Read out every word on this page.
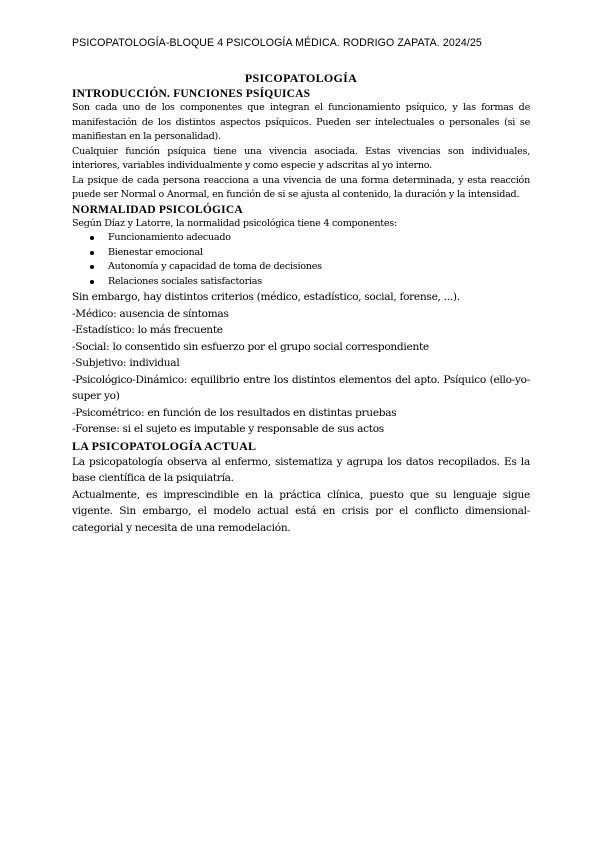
PSICOPATOLOGÍA-BLOQUE 4 PSICOLOGÍA MÉDICA. RODRIGO ZAPATA. 2024/25
PSICOPATOLOGÍA
INTRODUCCIÓN. FUNCIONES PSÍQUICAS

Son cada uno de los componentes que integran el funcionamiento psíquico, y las formas de manifestación de los distintos aspectos psíquicos. Pueden ser intelectuales o personales (si se manifiestan en la personalidad).

Cualquier función psíquica tiene una vivencia asociada. Estas vivencias son individuales, interiores, variables individualmente y como especie y adscritas al yo interno.

La psique de cada persona reacciona a una vivencia de una forma determinada, y esta reacción puede ser Normal o Anormal, en función de si se ajusta al contenido, la duración y la intensidad.

NORMALIDAD PSICOLÓGICA

Según Díaz y Latorre, la normalidad psicológica tiene 4 componentes:

Funcionamiento adecuado
Bienestar emocional
Autonomía y capacidad de toma de decisiones
Relaciones sociales satisfactorias

Sin embargo, hay distintos criterios (médico, estadístico, social, forense, ...).

-Médico: ausencia de síntomas

-Estadístico: lo más frecuente

-Social: lo consentido sin esfuerzo por el grupo social correspondiente

-Subjetivo: individual

-Psicológico-Dinámico: equilibrio entre los distintos elementos del apto. Psíquico (ello-yo-super yo)

-Psicométrico: en función de los resultados en distintas pruebas

-Forense: si el sujeto es imputable y responsable de sus actos

LA PSICOPATOLOGÍA ACTUAL

La psicopatología observa al enfermo, sistematiza y agrupa los datos recopilados. Es la base científica de la psiquiatría.

Actualmente, es imprescindible en la práctica clínica, puesto que su lenguaje sigue vigente. Sin embargo, el modelo actual está en crisis por el conflicto dimensional-categorial y necesita de una remodelación.
